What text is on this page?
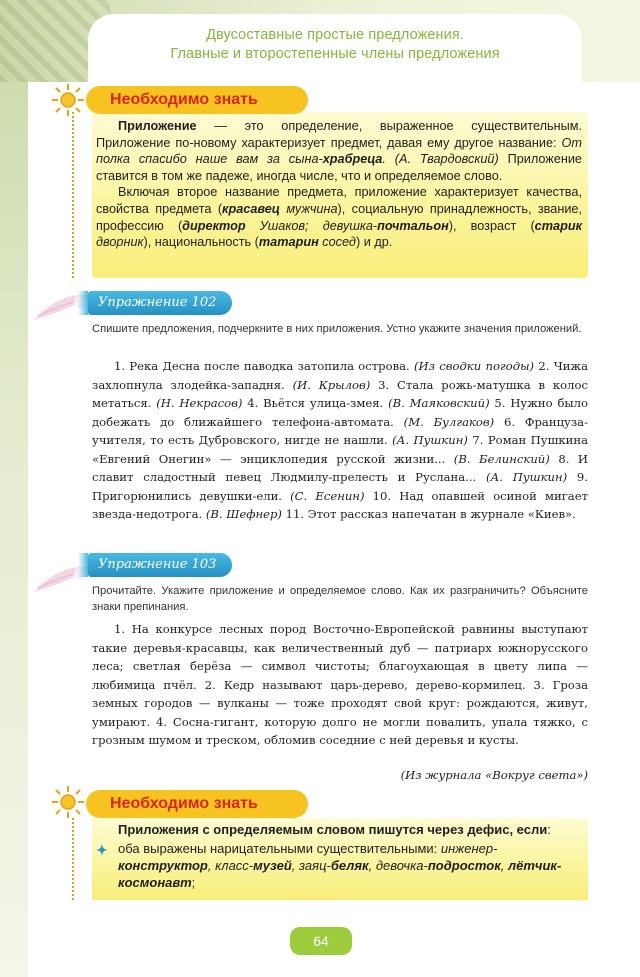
Двусоставные простые предложения.
Главные и второстепенные члены предложения
Необходимо знать

Приложение — это определение, выраженное существительным. Приложение по-новому характеризует предмет, давая ему другое название: От полка спасибо наше вам за сына-храбреца. (А. Твардовский) Приложение ставится в том же падеже, иногда числе, что и определяемое слово.

Включая второе название предмета, приложение характеризует качества, свойства предмета (красавец мужчина), социальную принадлежность, звание, профессию (директор Ушаков; девушка-почтальон), возраст (старик дворник), национальность (татарин сосед) и др.

Упражнение 102
Спишите предложения, подчеркните в них приложения. Устно укажите значения приложений.

1. Река Десна после паводка затопила острова. (Из сводки погоды) 2. Чижа захлопнула злодейка-западня. (И. Крылов) 3. Стала рожь-матушка в колос метаться. (Н. Некрасов) 4. Вьётся улица-змея. (В. Маяковский) 5. Нужно было добежать до ближайшего телефона-автомата. (М. Булгаков) 6. Француза-учителя, то есть Дубровского, нигде не нашли. (А. Пушкин) 7. Роман Пушкина «Евгений Онегин» — энциклопедия русской жизни... (В. Белинский) 8. И славит сладостный певец Людмилу-прелесть и Руслана... (А. Пушкин) 9. Пригорюнились девушки-ели. (С. Есенин) 10. Над опавшей осиной мигает звезда-недотрога. (В. Шефнер) 11. Этот рассказ напечатан в журнале «Киев».

Упражнение 103
Прочитайте. Укажите приложение и определяемое слово. Как их разграничить? Объясните знаки препинания.

1. На конкурсе лесных пород Восточно-Европейской равнины выступают такие деревья-красавцы, как величественный дуб — патриарх южнорусского леса; светлая берёза — символ чистоты; благоухающая в цвету липа — любимица пчёл. 2. Кедр называют царь-дерево, дерево-кормилец. 3. Гроза земных городов — вулканы — тоже проходят свой круг: рождаются, живут, умирают. 4. Сосна-гигант, которую долго не могли повалить, упала тяжко, с грозным шумом и треском, обломив соседние с ней деревья и кусты.

(Из журнала «Вокруг света»)
Необходимо знать
Приложения с определяемым словом пишутся через дефис, если:
✦ оба выражены нарицательными существительными: инженер-конструктор, класс-музей, заяц-беляк, девочка-подросток, лётчик-космонавт;
64
